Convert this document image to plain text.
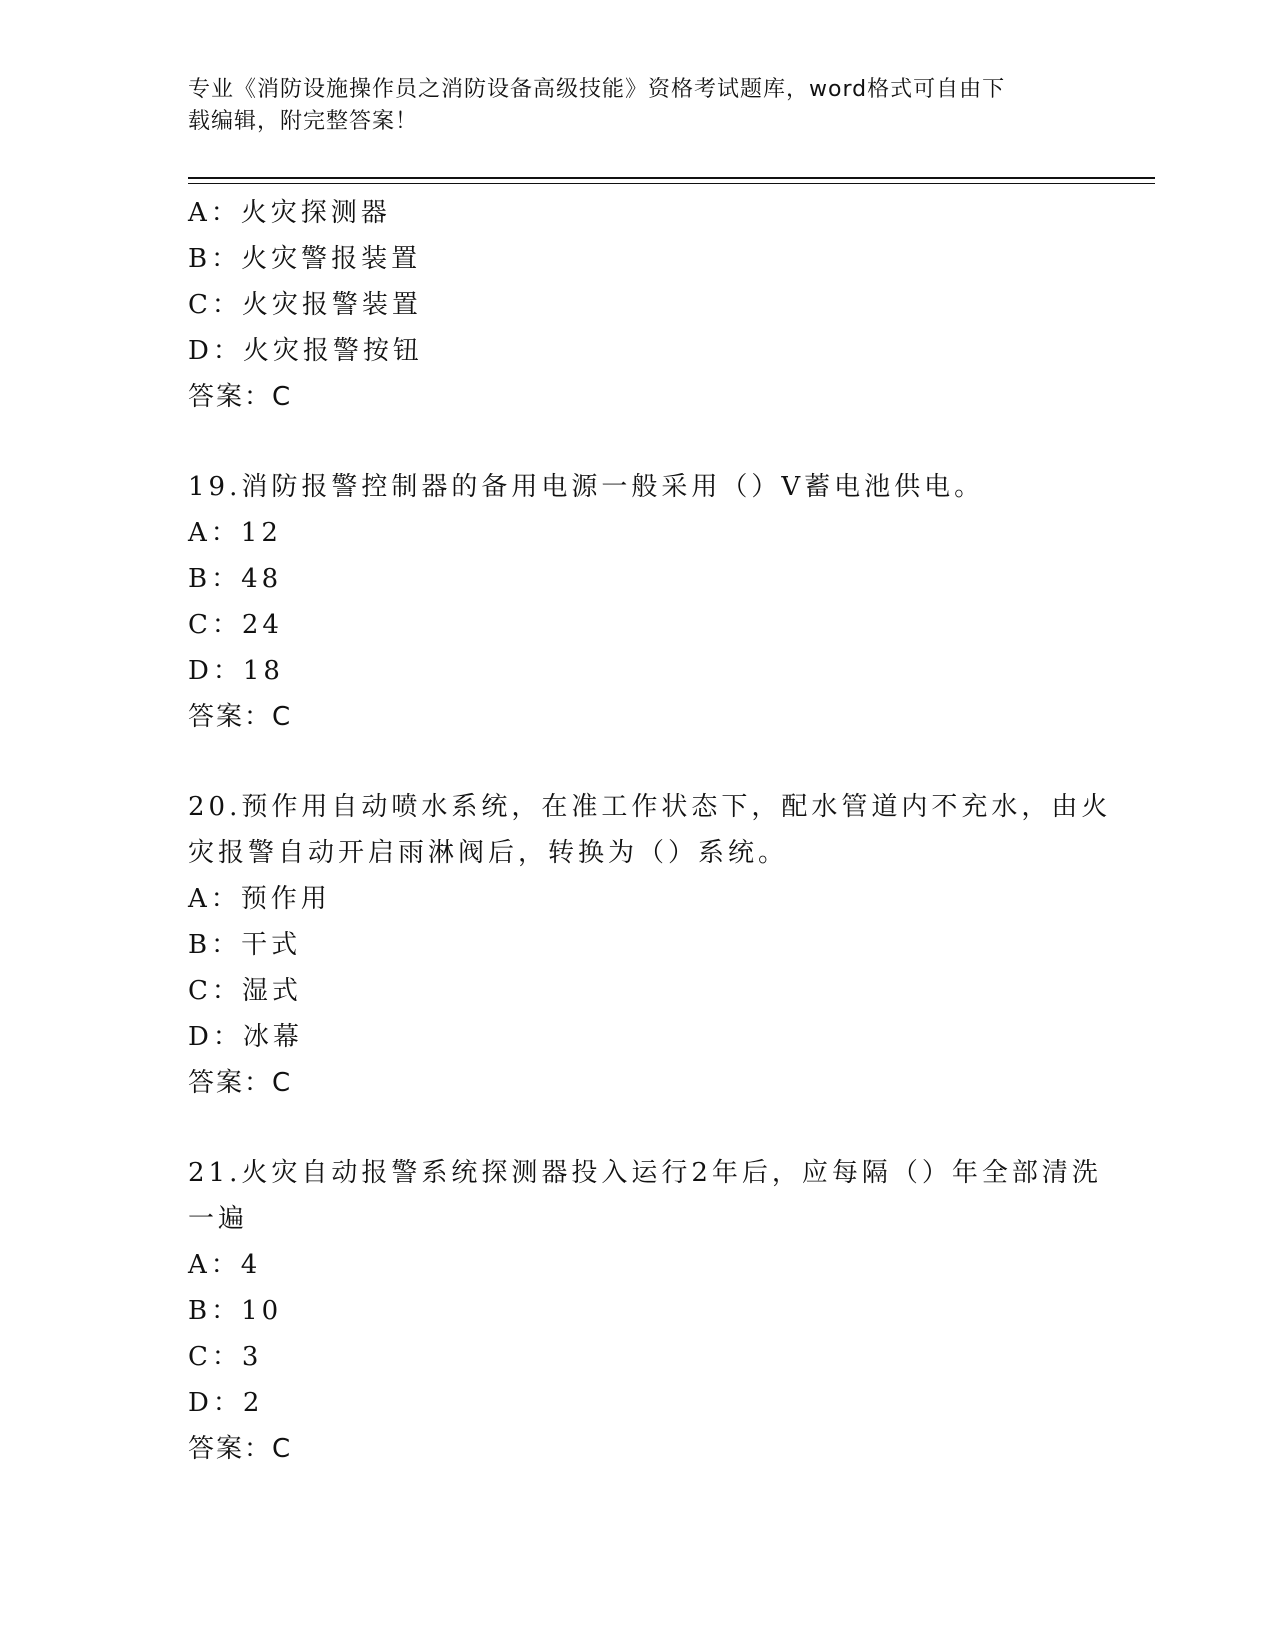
专业《消防设施操作员之消防设备高级技能》资格考试题库，word格式可自由下
载编辑，附完整答案！
A：火灾探测器
B：火灾警报装置
C：火灾报警装置
D：火灾报警按钮
答案：C
19.消防报警控制器的备用电源一般采用（）V蓄电池供电。
A：12
B：48
C：24
D：18
答案：C
20.预作用自动喷水系统，在准工作状态下，配水管道内不充水，由火
灾报警自动开启雨淋阀后，转换为（）系统。
A：预作用
B：干式
C：湿式
D：冰幕
答案：C
21.火灾自动报警系统探测器投入运行2年后，应每隔（）年全部清洗
一遍
A：4
B：10
C：3
D：2
答案：C
